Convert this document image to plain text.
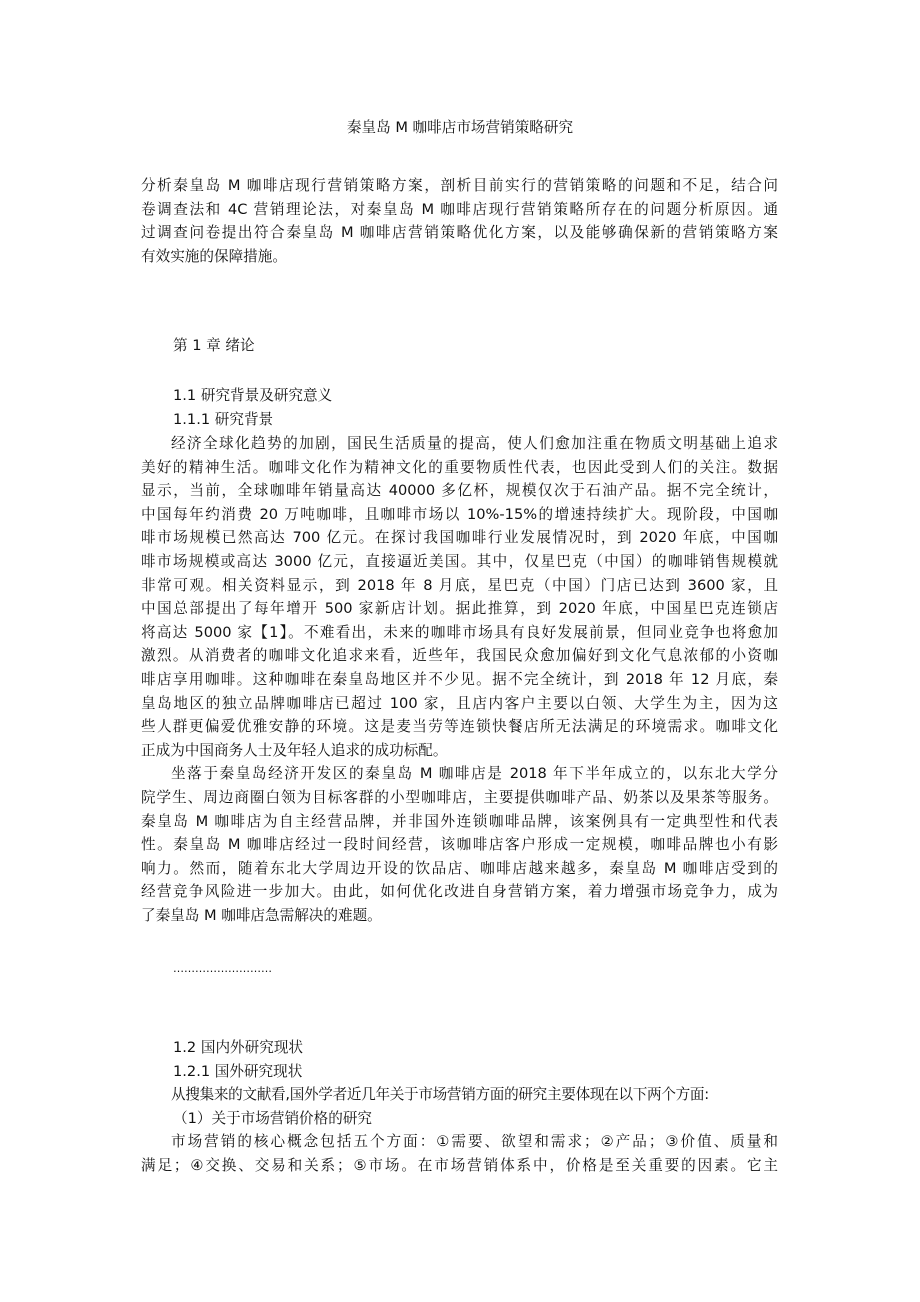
秦皇岛 M 咖啡店市场营销策略研究
分析秦皇岛 M 咖啡店现行营销策略方案，剖析目前实行的营销策略的问题和不足，结合问
卷调查法和 4C 营销理论法，对秦皇岛 M 咖啡店现行营销策略所存在的问题分析原因。通
过调查问卷提出符合秦皇岛 M 咖啡店营销策略优化方案，以及能够确保新的营销策略方案
有效实施的保障措施。
第 1 章 绪论
1.1 研究背景及研究意义
1.1.1 研究背景
经济全球化趋势的加剧，国民生活质量的提高，使人们愈加注重在物质文明基础上追求
美好的精神生活。咖啡文化作为精神文化的重要物质性代表，也因此受到人们的关注。数据
显示，当前，全球咖啡年销量高达 40000 多亿杯，规模仅次于石油产品。据不完全统计，
中国每年约消费 20 万吨咖啡，且咖啡市场以 10%-15%的增速持续扩大。现阶段，中国咖
啡市场规模已然高达 700 亿元。在探讨我国咖啡行业发展情况时，到 2020 年底，中国咖
啡市场规模或高达 3000 亿元，直接逼近美国。其中，仅星巴克（中国）的咖啡销售规模就
非常可观。相关资料显示，到 2018 年 8 月底，星巴克（中国）门店已达到 3600 家，且
中国总部提出了每年增开 500 家新店计划。据此推算，到 2020 年底，中国星巴克连锁店
将高达 5000 家【1】。不难看出，未来的咖啡市场具有良好发展前景，但同业竞争也将愈加
激烈。从消费者的咖啡文化追求来看，近些年，我国民众愈加偏好到文化气息浓郁的小资咖
啡店享用咖啡。这种咖啡在秦皇岛地区并不少见。据不完全统计，到 2018 年 12 月底，秦
皇岛地区的独立品牌咖啡店已超过 100 家，且店内客户主要以白领、大学生为主，因为这
些人群更偏爱优雅安静的环境。这是麦当劳等连锁快餐店所无法满足的环境需求。咖啡文化
正成为中国商务人士及年轻人追求的成功标配。
坐落于秦皇岛经济开发区的秦皇岛 M 咖啡店是 2018 年下半年成立的，以东北大学分
院学生、周边商圈白领为目标客群的小型咖啡店，主要提供咖啡产品、奶茶以及果茶等服务。
秦皇岛 M 咖啡店为自主经营品牌，并非国外连锁咖啡品牌，该案例具有一定典型性和代表
性。秦皇岛 M 咖啡店经过一段时间经营，该咖啡店客户形成一定规模，咖啡品牌也小有影
响力。然而，随着东北大学周边开设的饮品店、咖啡店越来越多，秦皇岛 M 咖啡店受到的
经营竞争风险进一步加大。由此，如何优化改进自身营销方案，着力增强市场竞争力，成为
了秦皇岛 M 咖啡店急需解决的难题。
………………………
1.2 国内外研究现状
1.2.1 国外研究现状
从搜集来的文献看,国外学者近几年关于市场营销方面的研究主要体现在以下两个方面:
（1）关于市场营销价格的研究
市场营销的核心概念包括五个方面：①需要、欲望和需求；②产品；③价值、质量和
满足；④交换、交易和关系；⑤市场。在市场营销体系中，价格是至关重要的因素。它主
